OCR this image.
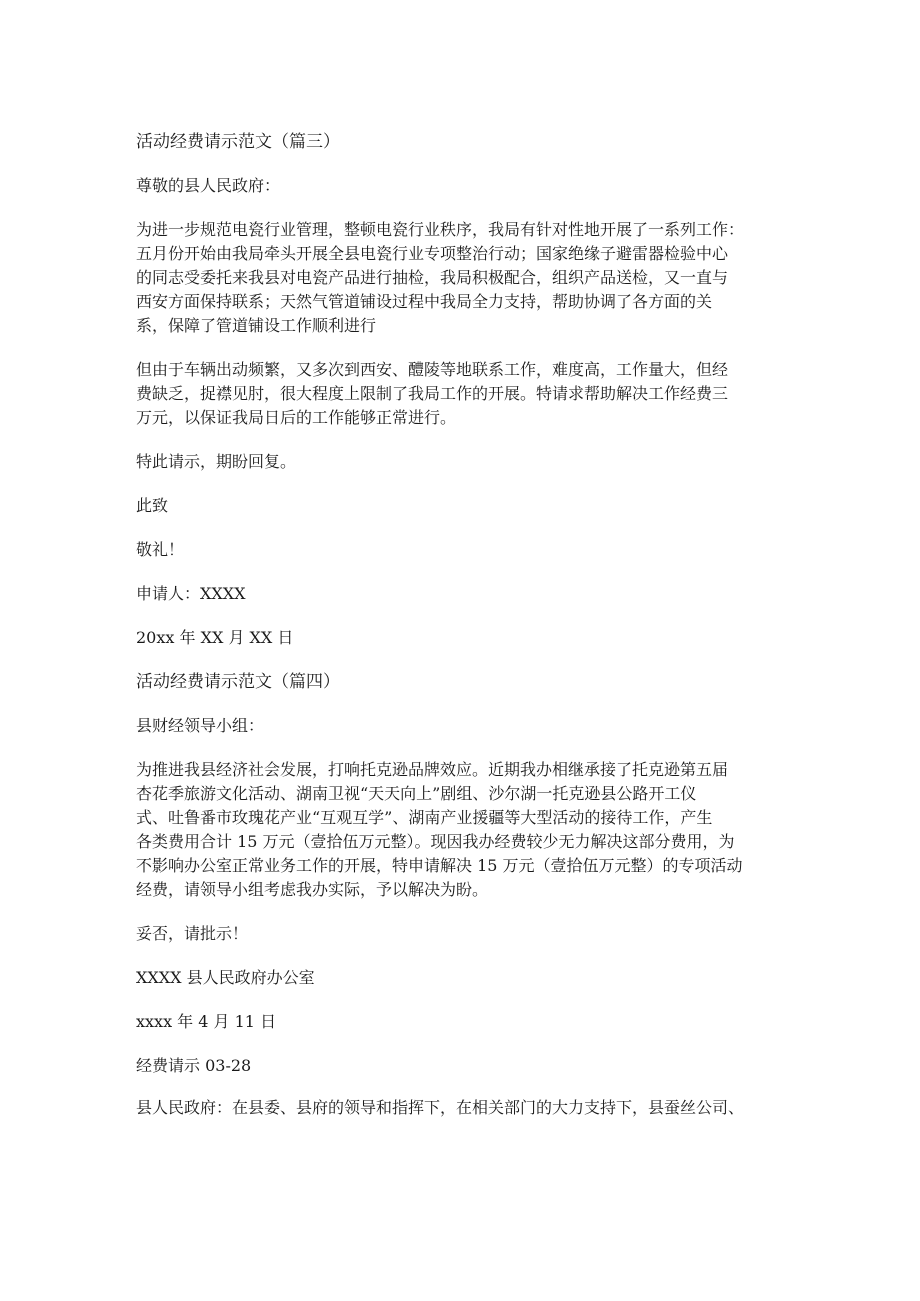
活动经费请示范文（篇三）

尊敬的县人民政府：

为进一步规范电瓷行业管理，整顿电瓷行业秩序，我局有针对性地开展了一系列工作：
五月份开始由我局牵头开展全县电瓷行业专项整治行动；国家绝缘子避雷器检验中心
的同志受委托来我县对电瓷产品进行抽检，我局积极配合，组织产品送检，又一直与
西安方面保持联系；天然气管道铺设过程中我局全力支持，帮助协调了各方面的关
系，保障了管道铺设工作顺利进行

但由于车辆出动频繁，又多次到西安、醴陵等地联系工作，难度高，工作量大，但经
费缺乏，捉襟见肘，很大程度上限制了我局工作的开展。特请求帮助解决工作经费三
万元，以保证我局日后的工作能够正常进行。

特此请示，期盼回复。

此致

敬礼！

申请人：XXXX

20xx 年 XX 月 XX 日

活动经费请示范文（篇四）

县财经领导小组：

为推进我县经济社会发展，打响托克逊品牌效应。近期我办相继承接了托克逊第五届
杏花季旅游文化活动、湖南卫视“天天向上”剧组、沙尔湖一托克逊县公路开工仪
式、吐鲁番市玫瑰花产业“互观互学”、湖南产业援疆等大型活动的接待工作，产生
各类费用合计 15 万元（壹拾伍万元整）。现因我办经费较少无力解决这部分费用，为
不影响办公室正常业务工作的开展，特申请解决 15 万元（壹拾伍万元整）的专项活动
经费，请领导小组考虑我办实际，予以解决为盼。

妥否，请批示！

XXXX 县人民政府办公室

xxxx 年 4 月 11 日

经费请示 03-28

县人民政府：在县委、县府的领导和指挥下，在相关部门的大力支持下，县蚕丝公司、
